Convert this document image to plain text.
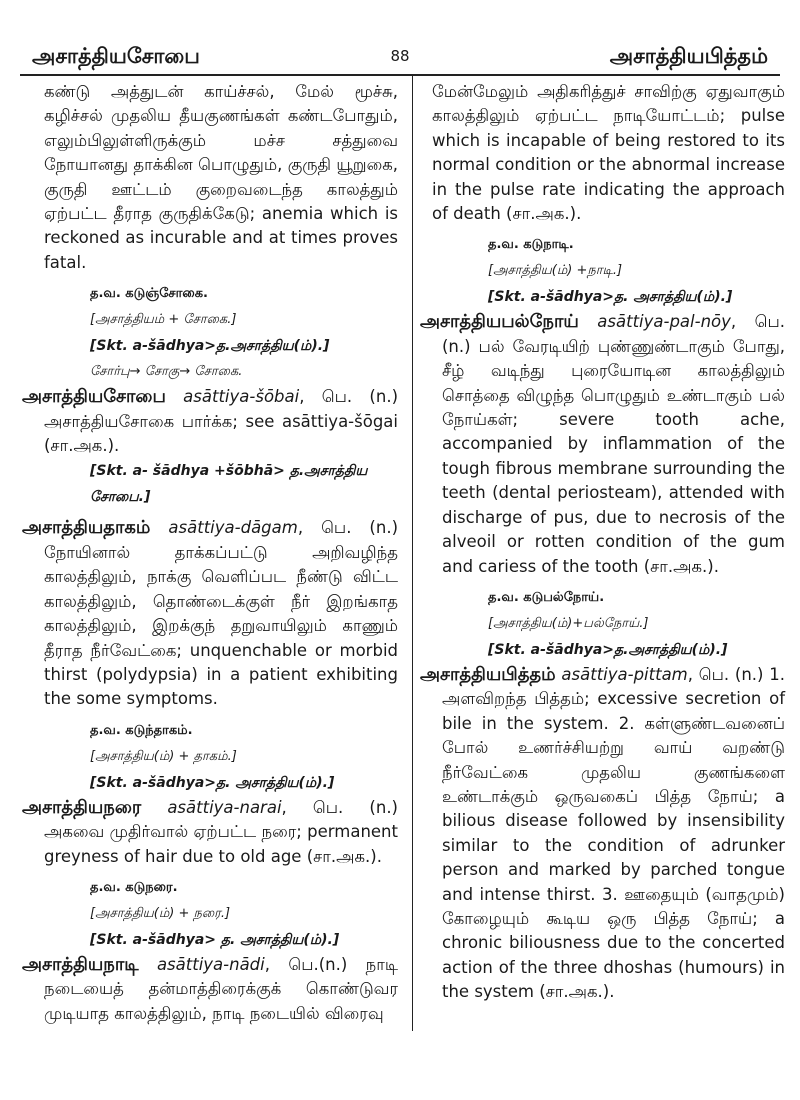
அசாத்தியசோபை	88	அசாத்தியபித்தம்

கண்டு அத்துடன் காய்ச்சல், மேல் மூச்சு, கழிச்சல் முதலிய தீயகுணங்கள் கண்டபோதும், எலும்பிலுள்ளிருக்கும் மச்ச சத்துவை நோயானது தாக்கின பொழுதும், குருதி யூறுகை, குருதி ஊட்டம் குறைவடைந்த காலத்தும் ஏற்பட்ட தீராத குருதிக்கேடு; anemia which is reckoned as incurable and at times proves fatal.

த.வ. கடுஞ்சோகை.

[அசாத்தியம் + சோகை.]

[Skt. a-šādhya>த.அசாத்திய(ம்).]

சோர்பு→ சோகு→ சோகை.

அசாத்தியசோபை asāttiya-šōbai, பெ. (n.) அசாத்தியசோகை பார்க்க; see asāttiya-šōgai (சா.அக.).

[Skt. a- šādhya +šōbhā> த.அசாத்திய சோபை.]

அசாத்தியதாகம் asāttiya-dāgam, பெ. (n.) நோயினால் தாக்கப்பட்டு அறிவழிந்த காலத்திலும், நாக்கு வெளிப்பட நீண்டு விட்ட காலத்திலும், தொண்டைக்குள் நீர் இறங்காத காலத்திலும், இறக்குந் தறுவாயிலும் காணும் தீராத நீர்வேட்கை; unquenchable or morbid thirst (polydypsia) in a patient exhibiting the some symptoms.

த.வ. கடுந்தாகம்.

[அசாத்திய(ம்) + தாகம்.]

[Skt. a-šādhya>த. அசாத்திய(ம்).]

அசாத்தியநரை asāttiya-narai, பெ. (n.) அகவை முதிர்வால் ஏற்பட்ட நரை; permanent greyness of hair due to old age (சா.அக.).

த.வ. கடுநரை.

[அசாத்திய(ம்) + நரை.]

[Skt. a-šādhya> த. அசாத்திய(ம்).]

அசாத்தியநாடி asāttiya-nādi, பெ.(n.) நாடி நடையைத் தன்மாத்திரைக்குக் கொண்டுவர முடியாத காலத்திலும், நாடி நடையில் விரைவு

மேன்மேலும் அதிகரித்துச் சாவிற்கு ஏதுவாகும் காலத்திலும் ஏற்பட்ட நாடியோட்டம்; pulse which is incapable of being restored to its normal condition or the abnormal increase in the pulse rate indicating the approach of death (சா.அக.).

த.வ. கடுநாடி.

[அசாத்திய(ம்) +நாடி.]

[Skt. a-šādhya>த. அசாத்திய(ம்).]

அசாத்தியபல்நோய் asāttiya-pal-nōy, பெ.(n.) பல் வேரடியிற் புண்ணுண்டாகும் போது, சீழ் வடிந்து புரையோடின காலத்திலும் சொத்தை விழுந்த பொழுதும் உண்டாகும் பல் நோய்கள்; severe tooth ache, accompanied by inflammation of the tough fibrous membrane surrounding the teeth (dental periosteam), attended with discharge of pus, due to necrosis of the alveoil or rotten condition of the gum and cariess of the tooth (சா.அக.).

த.வ. கடுபல்நோய்.

[அசாத்திய(ம்)+பல்நோய்.]

[Skt. a-šādhya>த.அசாத்திய(ம்).]

அசாத்தியபித்தம் asāttiya-pittam, பெ. (n.) 1. அளவிறந்த பித்தம்; excessive secretion of bile in the system. 2. கள்ளுண்டவனைப் போல் உணர்ச்சியற்று வாய் வறண்டு நீர்வேட்கை முதலிய குணங்களை உண்டாக்கும் ஒருவகைப் பித்த நோய்; a bilious disease followed by insensibility similar to the condition of adrunker person and marked by parched tongue and intense thirst. 3. ஊதையும் (வாதமும்) கோழையும் கூடிய ஒரு பித்த நோய்; a chronic biliousness due to the concerted action of the three dhoshas (humours) in the system (சா.அக.).
